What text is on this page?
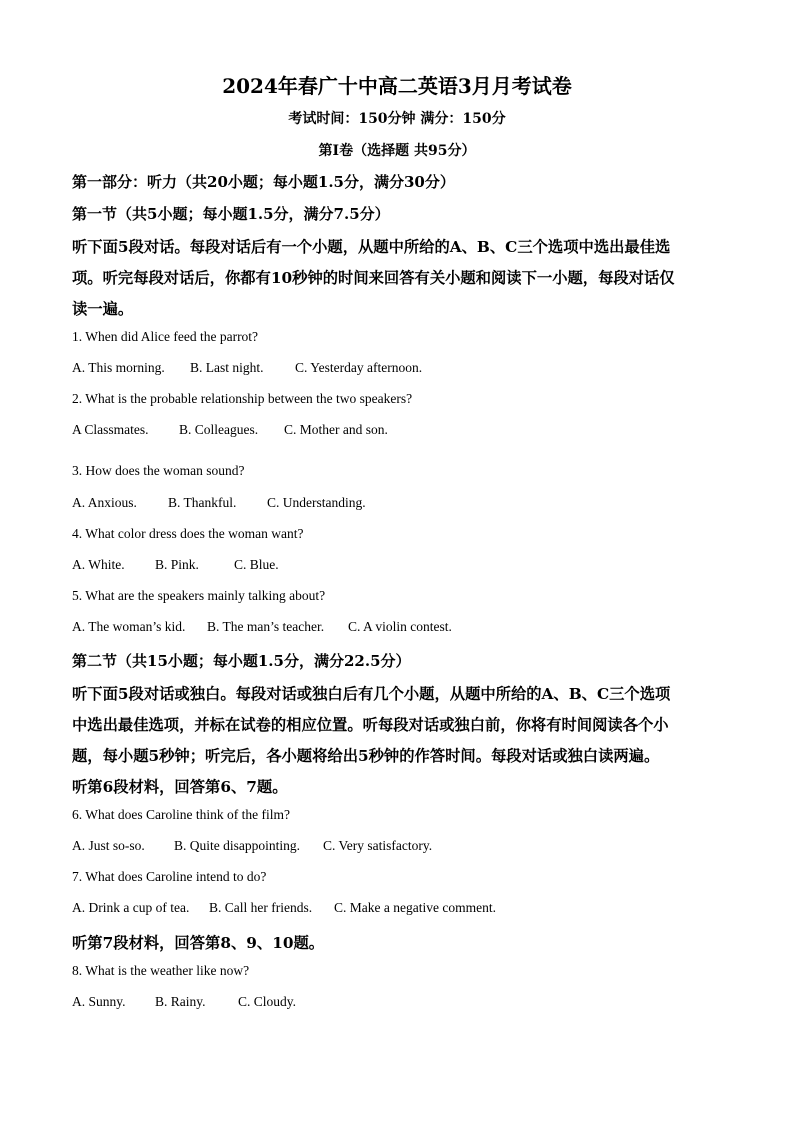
2024年春广十中高二英语3月月考试卷
考试时间：150分钟 满分：150分
第Ⅰ卷（选择题 共95分）
第一部分：听力（共20小题；每小题1.5分，满分30分）
第一节（共5小题；每小题1.5分，满分7.5分）
听下面5段对话。每段对话后有一个小题，从题中所给的A、B、C三个选项中选出最佳选
项。听完每段对话后，你都有10秒钟的时间来回答有关小题和阅读下一小题，每段对话仅
读一遍。
1. When did Alice feed the parrot?
A. This morning. B. Last night. C. Yesterday afternoon.
2. What is the probable relationship between the two speakers?
A Classmates. B. Colleagues. C. Mother and son.
3. How does the woman sound?
A. Anxious. B. Thankful. C. Understanding.
4. What color dress does the woman want?
A. White. B. Pink.	C. Blue.
5. What are the speakers mainly talking about?
A. The woman’s kid. B. The man’s teacher. C. A violin contest.
第二节（共15小题；每小题1.5分，满分22.5分）
听下面5段对话或独白。每段对话或独白后有几个小题，从题中所给的A、B、C三个选项
中选出最佳选项，并标在试卷的相应位置。听每段对话或独白前，你将有时间阅读各个小
题，每小题5秒钟；听完后，各小题将给出5秒钟的作答时间。每段对话或独白读两遍。
听第6段材料，回答第6、7题。
6. What does Caroline think of the film?
A. Just so-so. B. Quite disappointing. C. Very satisfactory.
7. What does Caroline intend to do?
A. Drink a cup of tea. B. Call her friends. C. Make a negative comment.
听第7段材料，回答第8、9、10题。
8. What is the weather like now?
A. Sunny. B. Rainy. C. Cloudy.
